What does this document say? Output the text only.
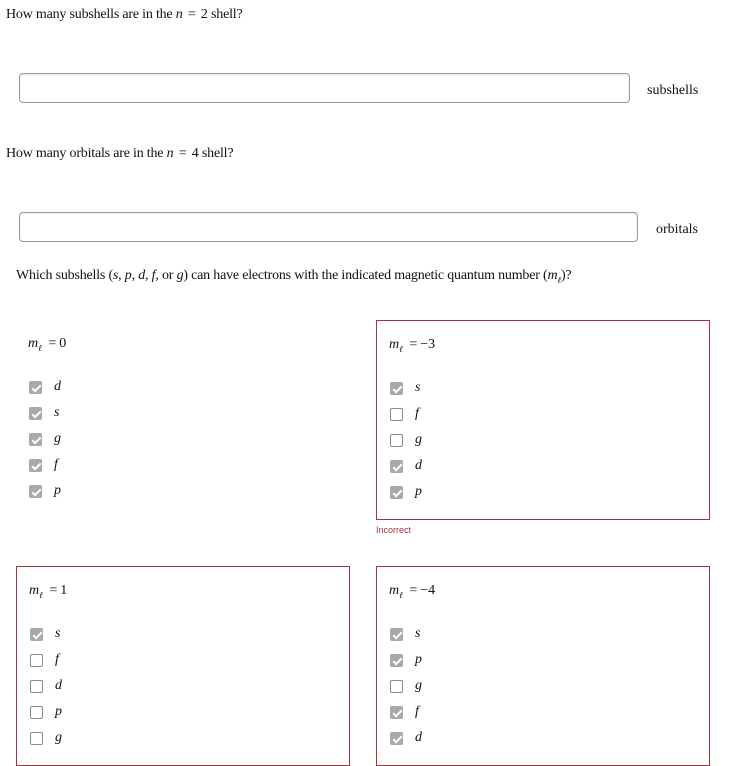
How many subshells are in the n = 2 shell?
subshells
How many orbitals are in the n = 4 shell?
orbitals
Which subshells (s, p, d, f, or g) can have electrons with the indicated magnetic quantum number $(m_\ell)$?
$m_\ell = 0$
d
s
g
f
p
$m_\ell = -3$
s
f
g
d
p
$m_\ell = 1$
s
f
d
p
g
$m_\ell = -4$
s
p
g
f
d
Incorrect
